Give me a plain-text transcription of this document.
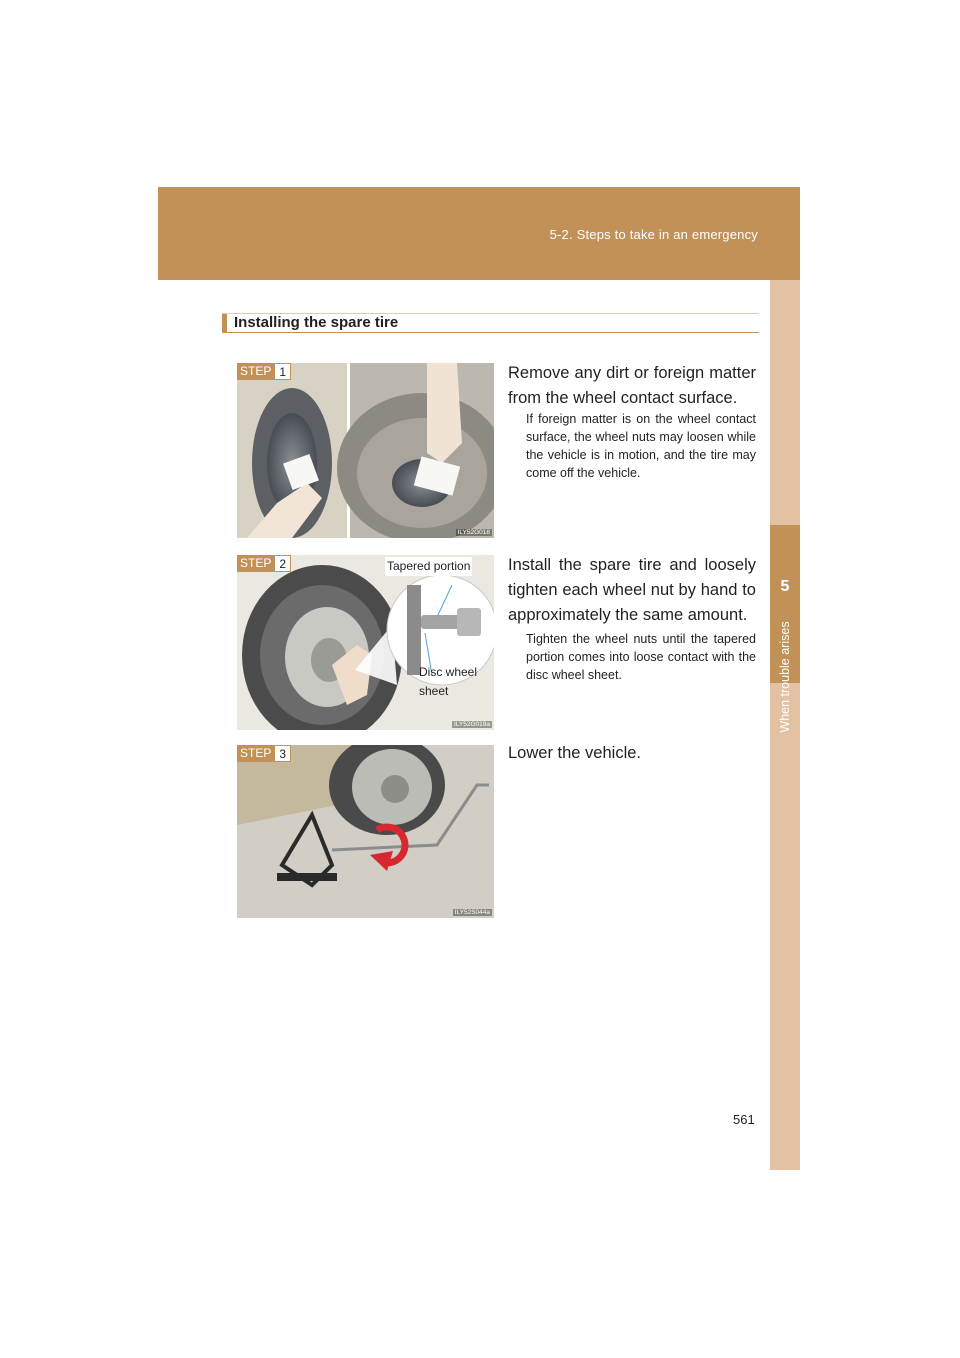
5-2. Steps to take in an emergency
5
When trouble arises
Installing the spare tire
STEP 1
ILY52G018
Remove any dirt or foreign matter from the wheel contact surface.
If foreign matter is on the wheel contact surface, the wheel nuts may loosen while the vehicle is in motion, and the tire may come off the vehicle.
STEP 2	Tapered portion
Disc wheel
sheet
ILY52G019a
Install the spare tire and loosely tighten each wheel nut by hand to approximately the same amount.
Tighten the wheel nuts until the tapered portion comes into loose contact with the disc wheel sheet.
STEP 3
ILY52S044a
Lower the vehicle.
561
